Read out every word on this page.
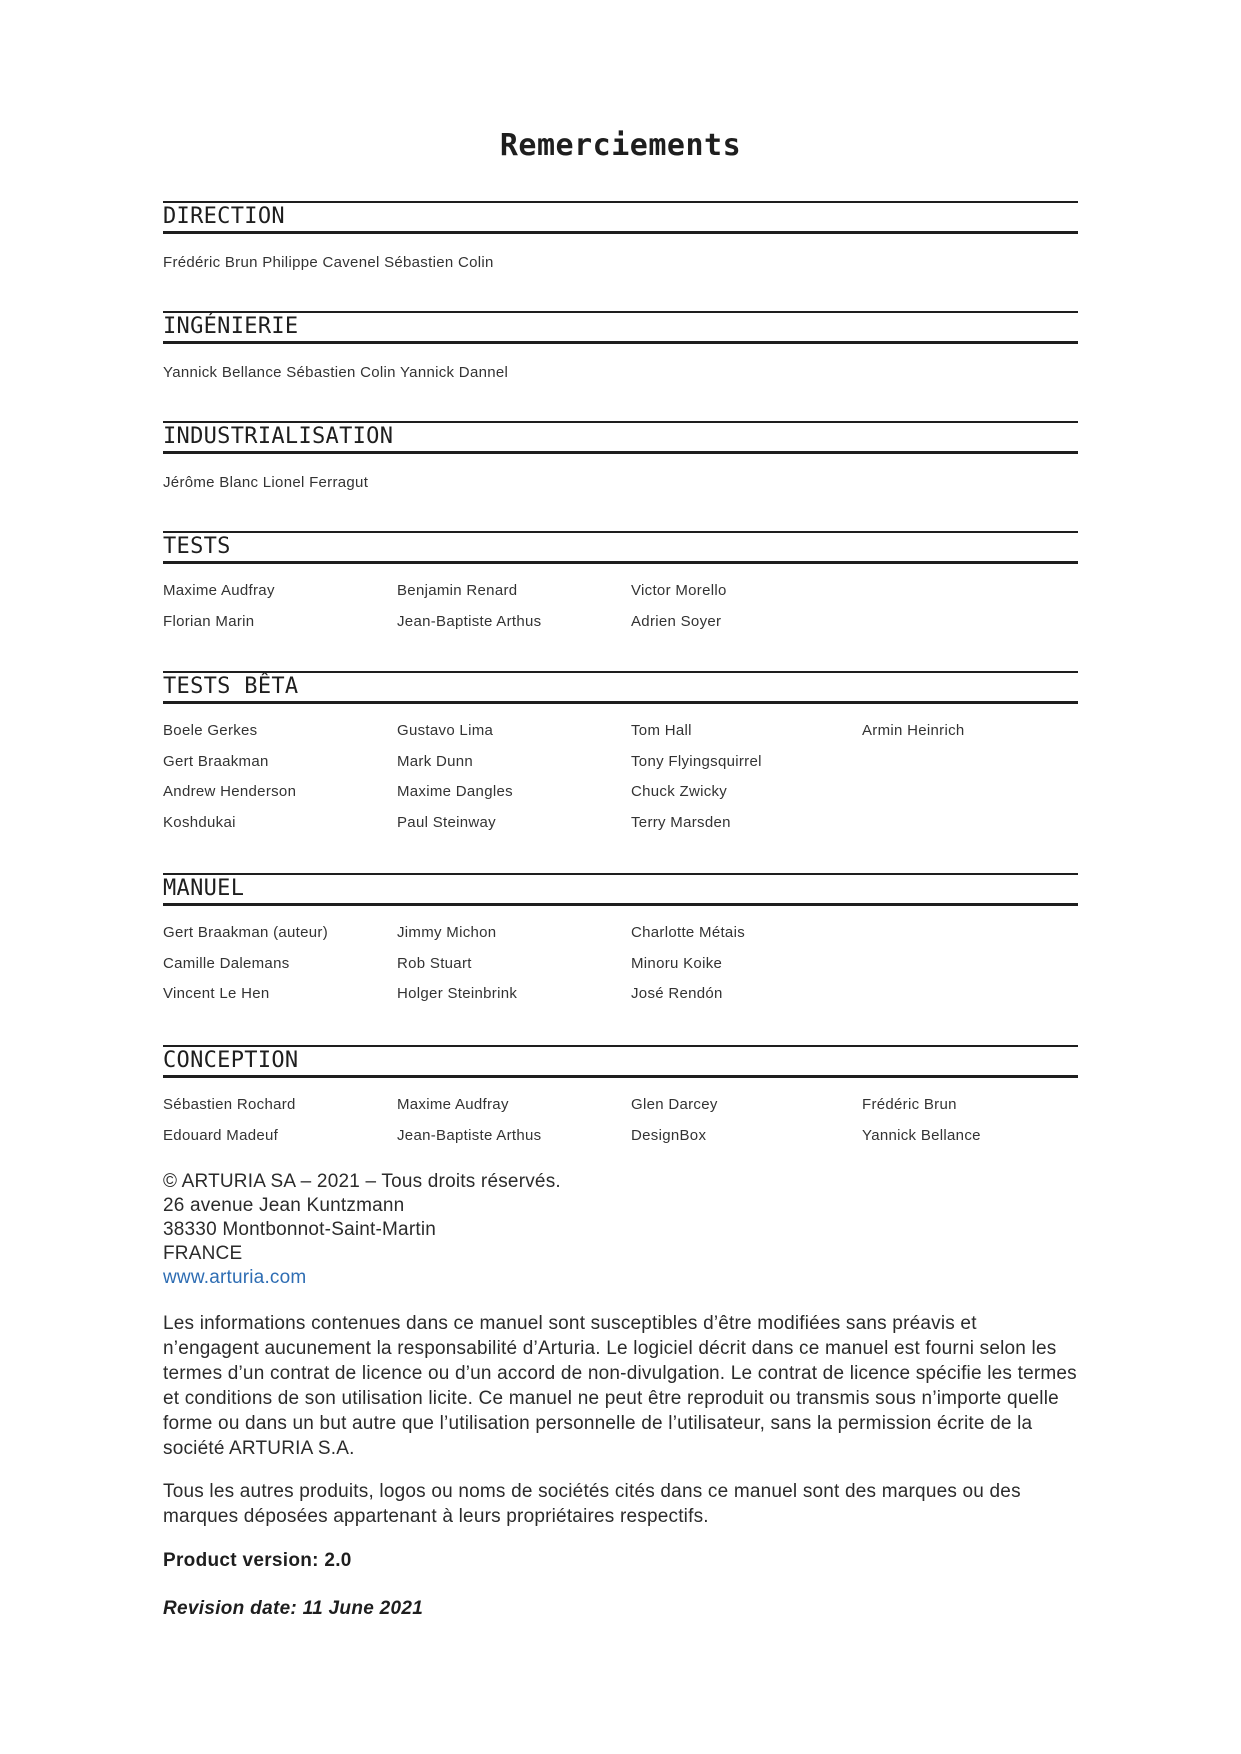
Remerciements
DIRECTION
Frédéric Brun Philippe Cavenel Sébastien Colin
INGÉNIERIE
Yannick Bellance Sébastien Colin Yannick Dannel
INDUSTRIALISATION
Jérôme Blanc Lionel Ferragut
TESTS
Maxime Audfray	Benjamin Renard	Victor Morello
Florian Marin	Jean-Baptiste Arthus	Adrien Soyer
TESTS BÊTA
Boele Gerkes	Gustavo Lima	Tom Hall	Armin Heinrich
Gert Braakman	Mark Dunn	Tony Flyingsquirrel
Andrew Henderson	Maxime Dangles	Chuck Zwicky
Koshdukai	Paul Steinway	Terry Marsden
MANUEL
Gert Braakman (auteur)	Jimmy Michon	Charlotte Métais
Camille Dalemans	Rob Stuart	Minoru Koike
Vincent Le Hen	Holger Steinbrink	José Rendón
CONCEPTION
Sébastien Rochard	Maxime Audfray	Glen Darcey	Frédéric Brun
Edouard Madeuf	Jean-Baptiste Arthus	DesignBox	Yannick Bellance
© ARTURIA SA – 2021 – Tous droits réservés.
26 avenue Jean Kuntzmann
38330 Montbonnot-Saint-Martin
FRANCE
www.arturia.com
Les informations contenues dans ce manuel sont susceptibles d’être modifiées sans préavis et n’engagent aucunement la responsabilité d’Arturia. Le logiciel décrit dans ce manuel est fourni selon les termes d’un contrat de licence ou d’un accord de non-divulgation. Le contrat de licence spécifie les termes et conditions de son utilisation licite. Ce manuel ne peut être reproduit ou transmis sous n’importe quelle forme ou dans un but autre que l’utilisation personnelle de l’utilisateur, sans la permission écrite de la société ARTURIA S.A.
Tous les autres produits, logos ou noms de sociétés cités dans ce manuel sont des marques ou des marques déposées appartenant à leurs propriétaires respectifs.
Product version: 2.0
Revision date: 11 June 2021
